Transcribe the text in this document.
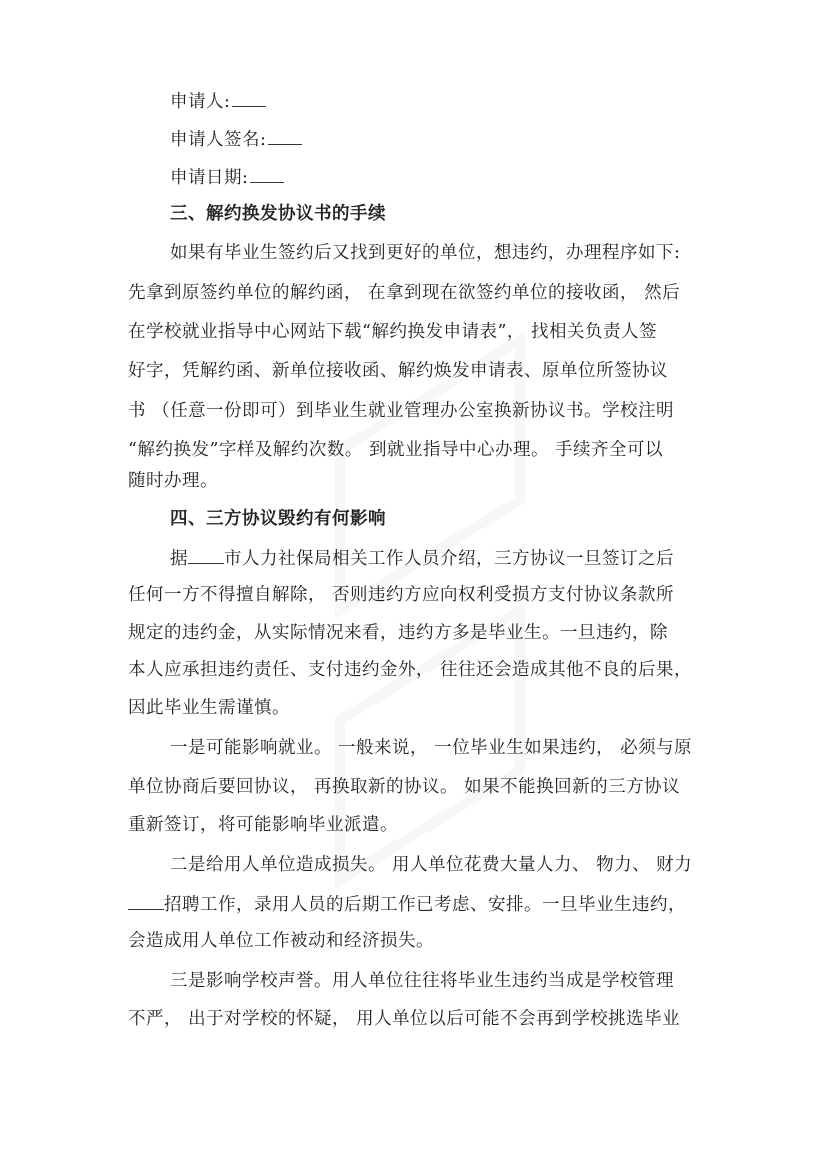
申请人:
申请人签名:
申请日期:
三、解约换发协议书的手续
如果有毕业生签约后又找到更好的单位，想违约，办理程序如下:
先拿到原签约单位的解约函， 在拿到现在欲签约单位的接收函， 然后
在学校就业指导中心网站下载“解约换发申请表”， 找相关负责人签
好字，凭解约函、新单位接收函、解约焕发申请表、原单位所签协议
书 （任意一份即可）到毕业生就业管理办公室换新协议书。学校注明
“解约换发”字样及解约次数。 到就业指导中心办理。 手续齐全可以
随时办理。
四、三方协议毁约有何影响
据 市人力社保局相关工作人员介绍，三方协议一旦签订之后
任何一方不得擅自解除， 否则违约方应向权利受损方支付协议条款所
规定的违约金，从实际情况来看，违约方多是毕业生。一旦违约，除
本人应承担违约责任、支付违约金外， 往往还会造成其他不良的后果，
因此毕业生需谨慎。
一是可能影响就业。 一般来说， 一位毕业生如果违约， 必须与原
单位协商后要回协议， 再换取新的协议。 如果不能换回新的三方协议
重新签订，将可能影响毕业派遣。
二是给用人单位造成损失。 用人单位花费大量人力、 物力、 财力
招聘工作，录用人员的后期工作已考虑、安排。一旦毕业生违约，
会造成用人单位工作被动和经济损失。
三是影响学校声誉。用人单位往往将毕业生违约当成是学校管理
不严， 出于对学校的怀疑， 用人单位以后可能不会再到学校挑选毕业
